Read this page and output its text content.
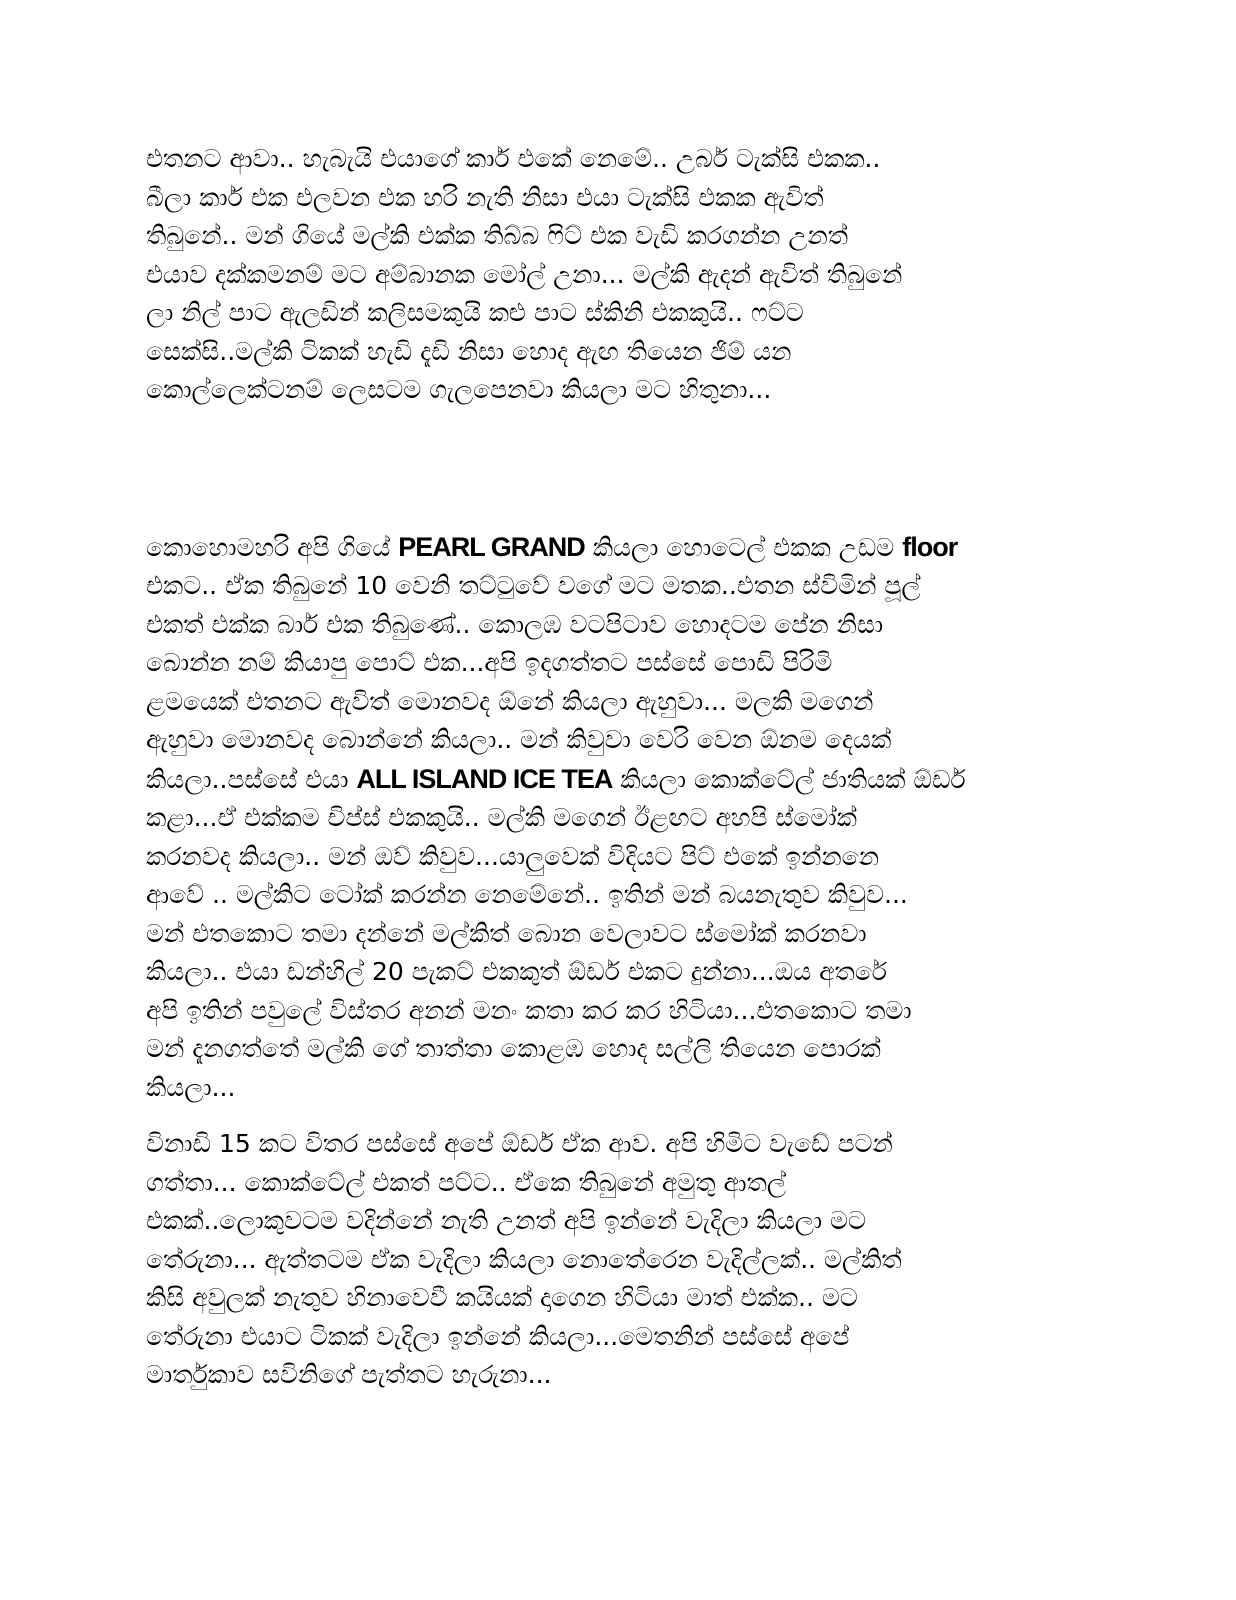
එතනට ආවා.. හැබැයි එයාගේ කාර් එකේ නෙමේ.. උබර් ටැක්සි එකක..
බීලා කාර් එක එලවන එක හරි නැති නිසා එයා ටැක්සි එකක ඇවිත්
තිබුනේ.. මන් ගියේ මල්කි එක්ක තිබ්බ ෆිට් එක වැඩි කරගන්න උනත්
එයාව දක්කමනම් මට අම්බානක මෝල් උනා... මල්කි ඇදන් ඇවිත් තිබුනේ
ලා නිල් පාට ඇලඩින් කලිසමකුයි කළු පාට ස්කිනි එකකුයි.. ෆට්ට
සෙක්සි..මල්කි ටිකක් හැඩි දැඩි නිසා හොද ඇඟ තියෙන ජිම් යන
කොල්ලෙක්ටනම් ලෙසටම ගැලපෙනවා කියලා මට හිතුනා...
කොහොමහරි අපි ගියේ PEARL GRAND කියලා හොටෙල් එකක උඩම floor
එකට.. ඒක තිබුනේ 10 වෙනි තට්ටුවේ වගේ මට මතක..එතන ස්විමින් පූල්
එකත් එක්ක බාර් එක තිබුණේ.. කොලඹ වටපිටාව හොදටම පේන නිසා
බොන්න නම් කියාපු පොට් එක...අපි ඉදගත්තට පස්සේ පොඩි පිරිමි
ළමයෙක් එතනට ඇවිත් මොනවද ඕනේ කියලා ඇහුවා... මලකි මගෙන්
ඇහුවා මොනවද බොන්නේ කියලා.. මන් කිවුවා වෙරි වෙන ඕනම දෙයක්
කියලා..පස්සේ එයා ALL ISLAND ICE TEA කියලා කොක්ටේල් ජාතියක් ඕඩර්
කළා...ඒ එක්කම චිප්ස් එකකුයි.. මල්කි මගෙන් ඊළඟට අහපි ස්මෝක්
කරනවද කියලා.. මන් ඔව් කිවුව...යාලුවෙක් විදියට පිට් එකේ ඉන්නනෙ
ආවේ .. මල්කිට ටෝක් කරන්න නෙමේනේ.. ඉතින් මන් බයනැතුව කිවුව...
මන් එතකොට තමා දන්නේ මල්කිත් බොන වෙලාවට ස්මෝක් කරනවා
කියලා.. එයා ඩන්හිල් 20 පැකට් එකකුත් ඕඩර් එකට දුන්නා...ඔය අතරේ
අපි ඉතින් පවුලේ විස්තර අනන් මනං කතා කර කර හිටියා...එතකොට තමා
මන් දැනගත්තේ මල්කි ගේ තාත්තා කොළඹ හොද සල්ලි තියෙන පොරක්
කියලා...
විනාඩි 15 කට විතර පස්සේ අපේ ඕඩර් ඒක ආව. අපි හිමිට වැඩේ පටන්
ගත්තා... කොක්ටේල් එකත් පට්ට.. ඒකෙ තිබුනේ අමුතු ආතල්
එකක්..ලොකුවටම වදින්නේ නැති උනත් අපි ඉන්නේ වැදිලා කියලා මට
තේරුනා... ඇත්තටම ඒක වැදිලා කියලා නොතේරෙන වැදිල්ලක්.. මල්කිත්
කිසි අවුලක් නැතුව හිනාවෙවී කයියක් දාගෙන හිටියා මාත් එක්ක.. මට
තේරුනා එයාට ටිකක් වැදිලා ඉන්නේ කියලා...මෙතනින් පස්සේ අපේ
මාර්තුකාව සවිනිගේ පැත්තට හැරුනා...
